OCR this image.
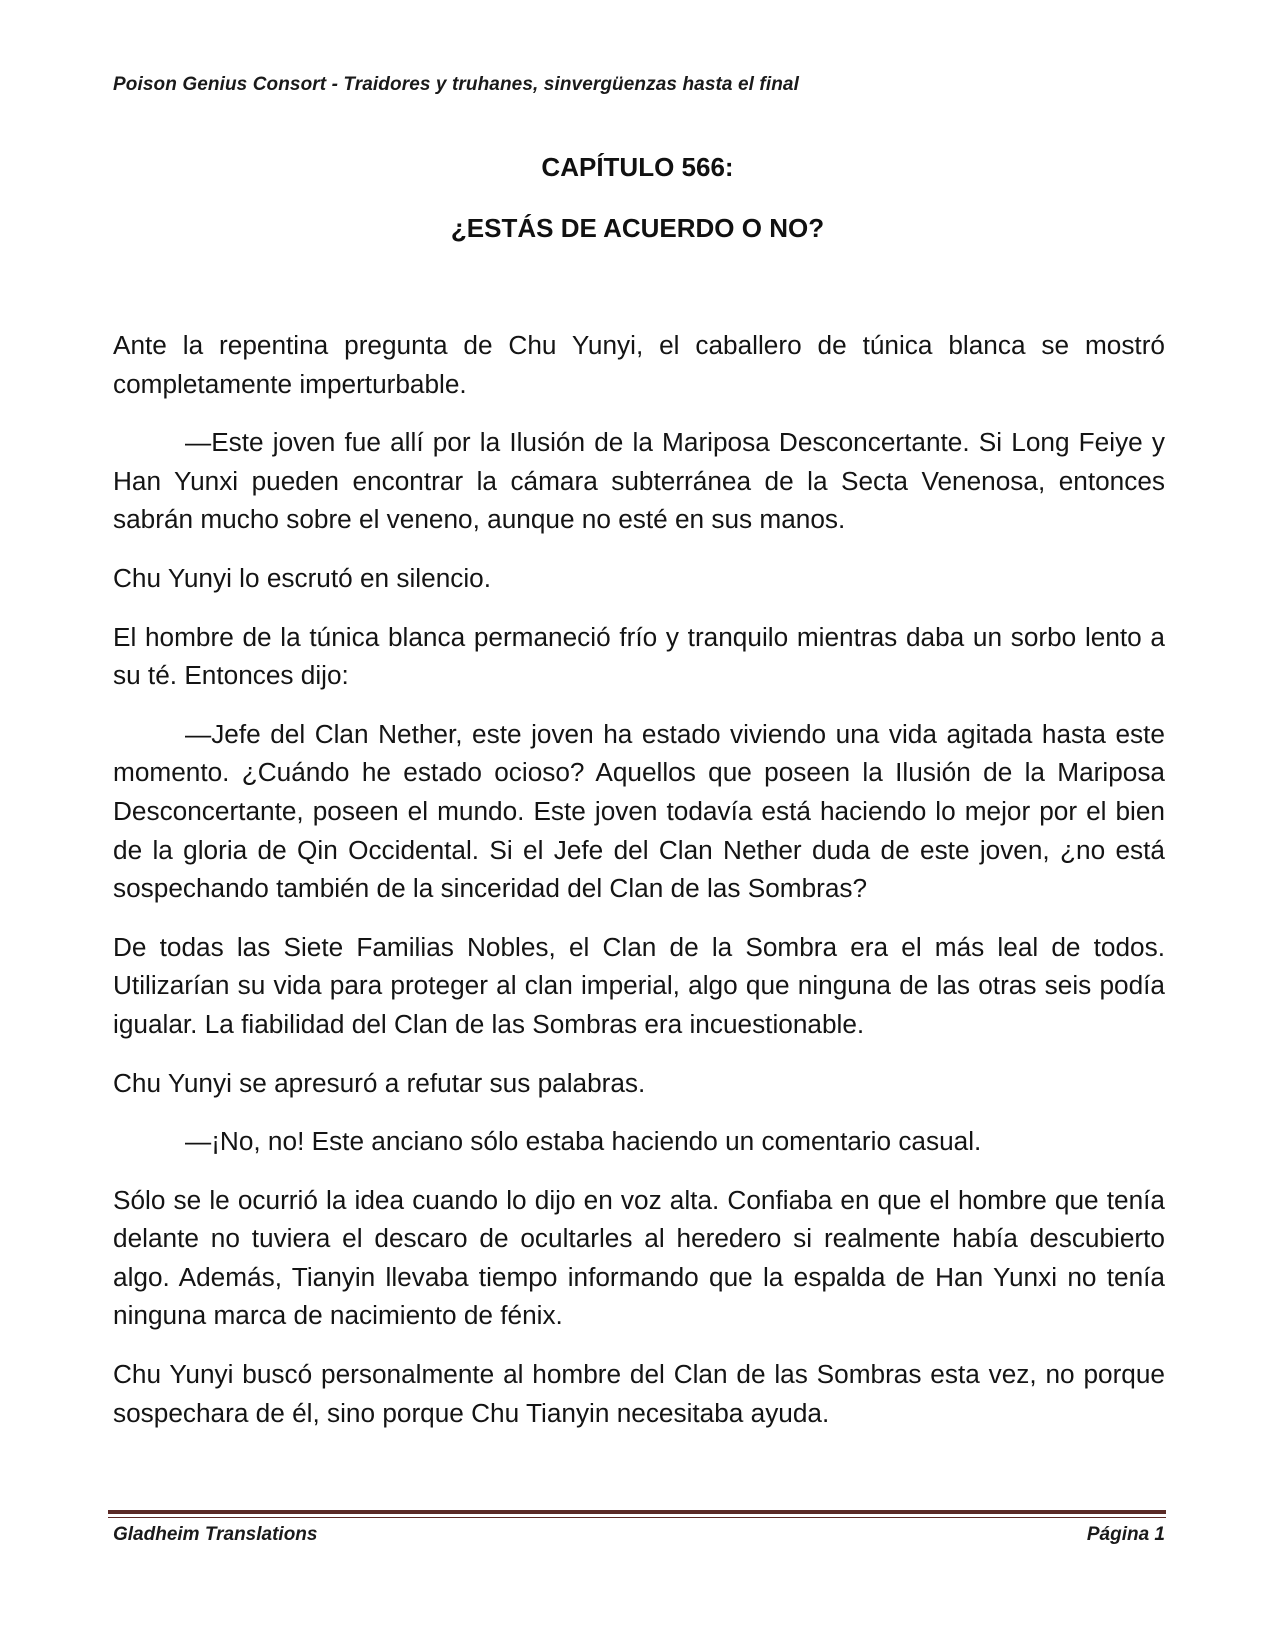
Poison Genius Consort - Traidores y truhanes, sinvergüenzas hasta el final
CAPÍTULO 566:
¿ESTÁS DE ACUERDO O NO?

Ante la repentina pregunta de Chu Yunyi, el caballero de túnica blanca se mostró completamente imperturbable.

—Este joven fue allí por la Ilusión de la Mariposa Desconcertante. Si Long Feiye y Han Yunxi pueden encontrar la cámara subterránea de la Secta Venenosa, entonces sabrán mucho sobre el veneno, aunque no esté en sus manos.

Chu Yunyi lo escrutó en silencio.

El hombre de la túnica blanca permaneció frío y tranquilo mientras daba un sorbo lento a su té. Entonces dijo:

—Jefe del Clan Nether, este joven ha estado viviendo una vida agitada hasta este momento. ¿Cuándo he estado ocioso? Aquellos que poseen la Ilusión de la Mariposa Desconcertante, poseen el mundo. Este joven todavía está haciendo lo mejor por el bien de la gloria de Qin Occidental. Si el Jefe del Clan Nether duda de este joven, ¿no está sospechando también de la sinceridad del Clan de las Sombras?

De todas las Siete Familias Nobles, el Clan de la Sombra era el más leal de todos. Utilizarían su vida para proteger al clan imperial, algo que ninguna de las otras seis podía igualar. La fiabilidad del Clan de las Sombras era incuestionable.

Chu Yunyi se apresuró a refutar sus palabras.

—¡No, no! Este anciano sólo estaba haciendo un comentario casual.

Sólo se le ocurrió la idea cuando lo dijo en voz alta. Confiaba en que el hombre que tenía delante no tuviera el descaro de ocultarles al heredero si realmente había descubierto algo. Además, Tianyin llevaba tiempo informando que la espalda de Han Yunxi no tenía ninguna marca de nacimiento de fénix.

Chu Yunyi buscó personalmente al hombre del Clan de las Sombras esta vez, no porque sospechara de él, sino porque Chu Tianyin necesitaba ayuda.

Gladheim Translations	Página 1
